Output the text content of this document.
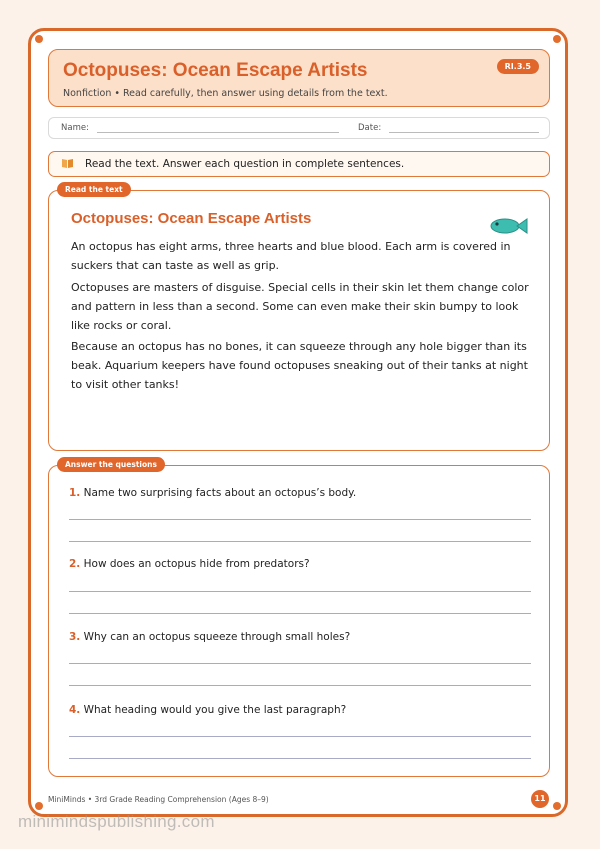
Octopuses: Ocean Escape Artists
Nonfiction • Read carefully, then answer using details from the text.
RI.3.5
Name:	Date:
Read the text. Answer each question in complete sentences.
Read the text
Octopuses: Ocean Escape Artists
An octopus has eight arms, three hearts and blue blood. Each arm is covered in suckers that can taste as well as grip.
Octopuses are masters of disguise. Special cells in their skin let them change color and pattern in less than a second. Some can even make their skin bumpy to look like rocks or coral.
Because an octopus has no bones, it can squeeze through any hole bigger than its beak. Aquarium keepers have found octopuses sneaking out of their tanks at night to visit other tanks!
Answer the questions
1. Name two surprising facts about an octopus’s body.
2. How does an octopus hide from predators?
3. Why can an octopus squeeze through small holes?
4. What heading would you give the last paragraph?
MiniMinds • 3rd Grade Reading Comprehension (Ages 8–9)	11
minimindspublishing.com
